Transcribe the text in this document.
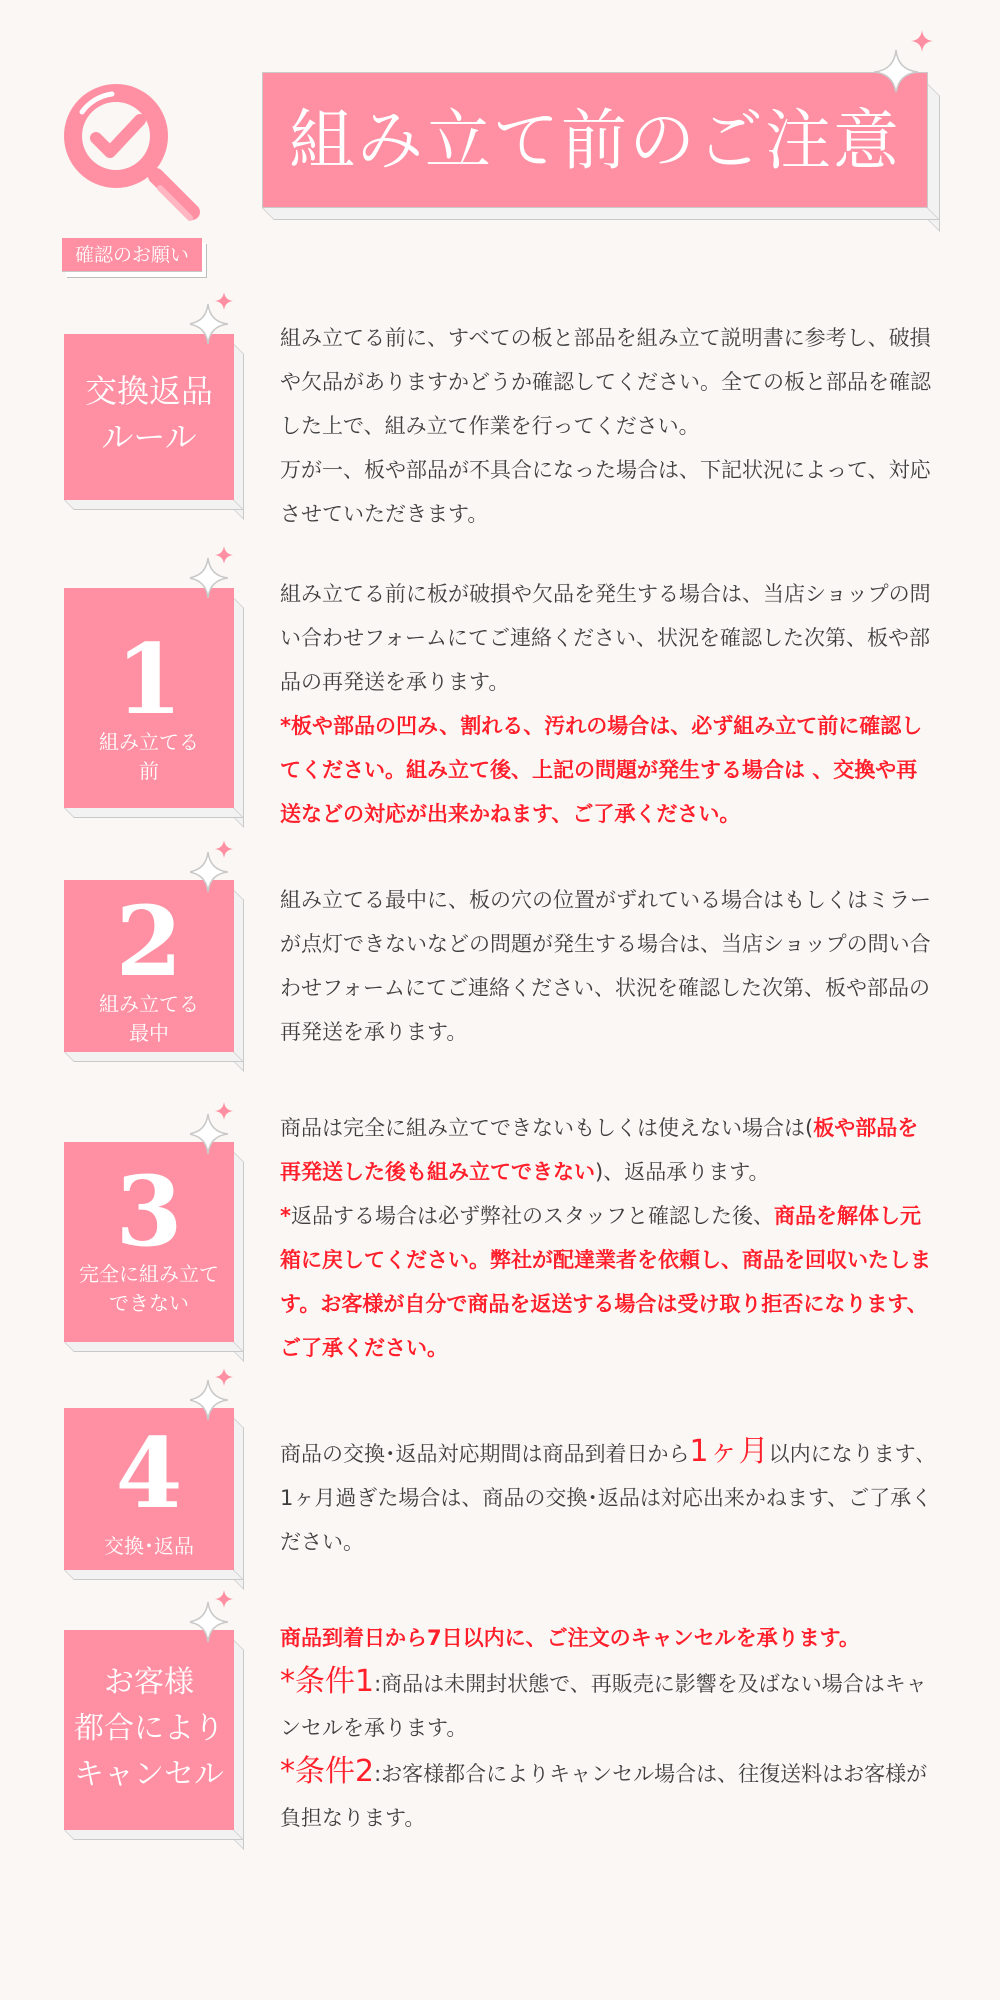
確認のお願い
組み立て前のご注意
交換返品
ルール

組み立てる前に、すべての板と部品を組み立て説明書に参考し、破損や欠品がありますかどうか確認してください。全ての板と部品を確認した上で、組み立て作業を行ってください。

万が一、板や部品が不具合になった場合は、下記状況によって、対応させていただきます。

1
組み立てる
前

組み立てる前に板が破損や欠品を発生する場合は、当店ショップの問い合わせフォームにてご連絡ください、状況を確認した次第、板や部品の再発送を承ります。

*板や部品の凹み、割れる、汚れの場合は、必ず組み立て前に確認してください。組み立て後、上記の問題が発生する場合は 、交換や再送などの対応が出来かねます、ご了承ください。

2
組み立てる
最中

組み立てる最中に、板の穴の位置がずれている場合はもしくはミラーが点灯できないなどの問題が発生する場合は、当店ショップの問い合わせフォームにてご連絡ください、状況を確認した次第、板や部品の再発送を承ります。

3
完全に組み立て
できない

商品は完全に組み立てできないもしくは使えない場合は(板や部品を再発送した後も組み立てできない)、返品承ります。

*返品する場合は必ず弊社のスタッフと確認した後、商品を解体し元箱に戻してください。弊社が配達業者を依頼し、商品を回収いたします。お客様が自分で商品を返送する場合は受け取り拒否になります、ご了承ください。

4
交換･返品

商品の交換･返品対応期間は商品到着日から1ヶ月以内になります､1ヶ月過ぎた場合は、商品の交換･返品は対応出来かねます、ご了承ください。

お客様
都合により
キャンセル

商品到着日から7日以内に、ご注文のキャンセルを承ります。

*条件1:商品は未開封状態で、再販売に影響を及ばない場合はキャンセルを承ります。

*条件2:お客様都合によりキャンセル場合は、往復送料はお客様が負担なります。
